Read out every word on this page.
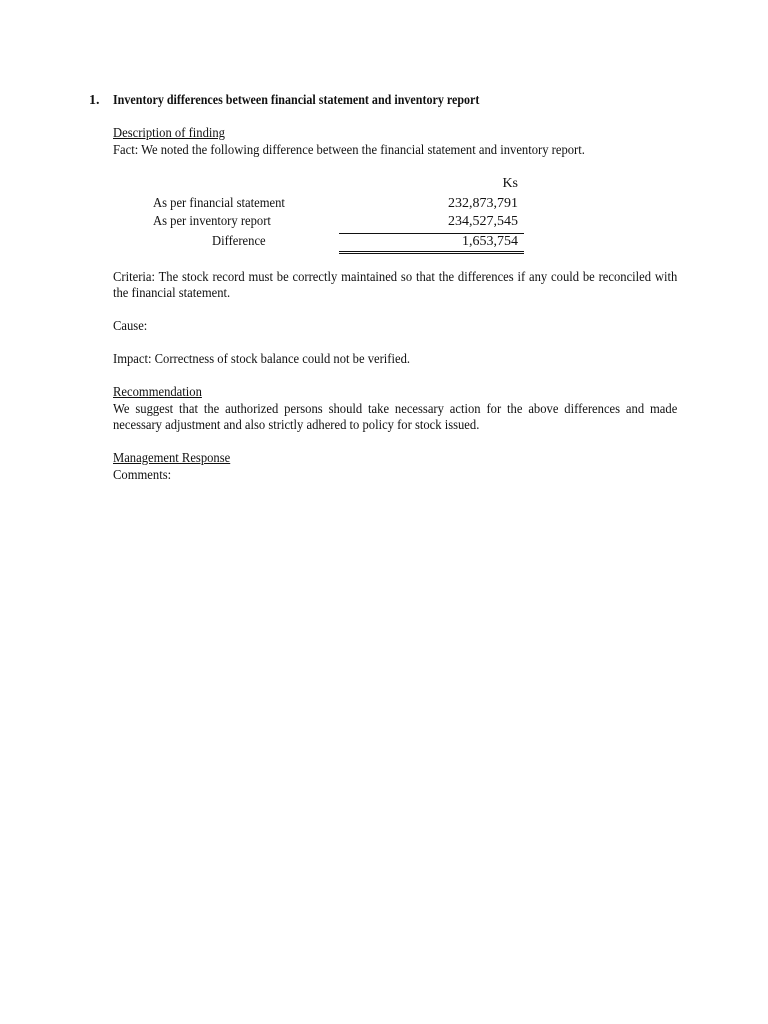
1. Inventory differences between financial statement and inventory report
Description of finding
Fact: We noted the following difference between the financial statement and inventory report.
Ks
As per financial statement	232,873,791
As per inventory report	234,527,545
Difference	1,653,754
Criteria: The stock record must be correctly maintained so that the differences if any could be reconciled with the financial statement.
Cause:
Impact: Correctness of stock balance could not be verified.
Recommendation
We suggest that the authorized persons should take necessary action for the above differences and made necessary adjustment and also strictly adhered to policy for stock issued.
Management Response
Comments:
